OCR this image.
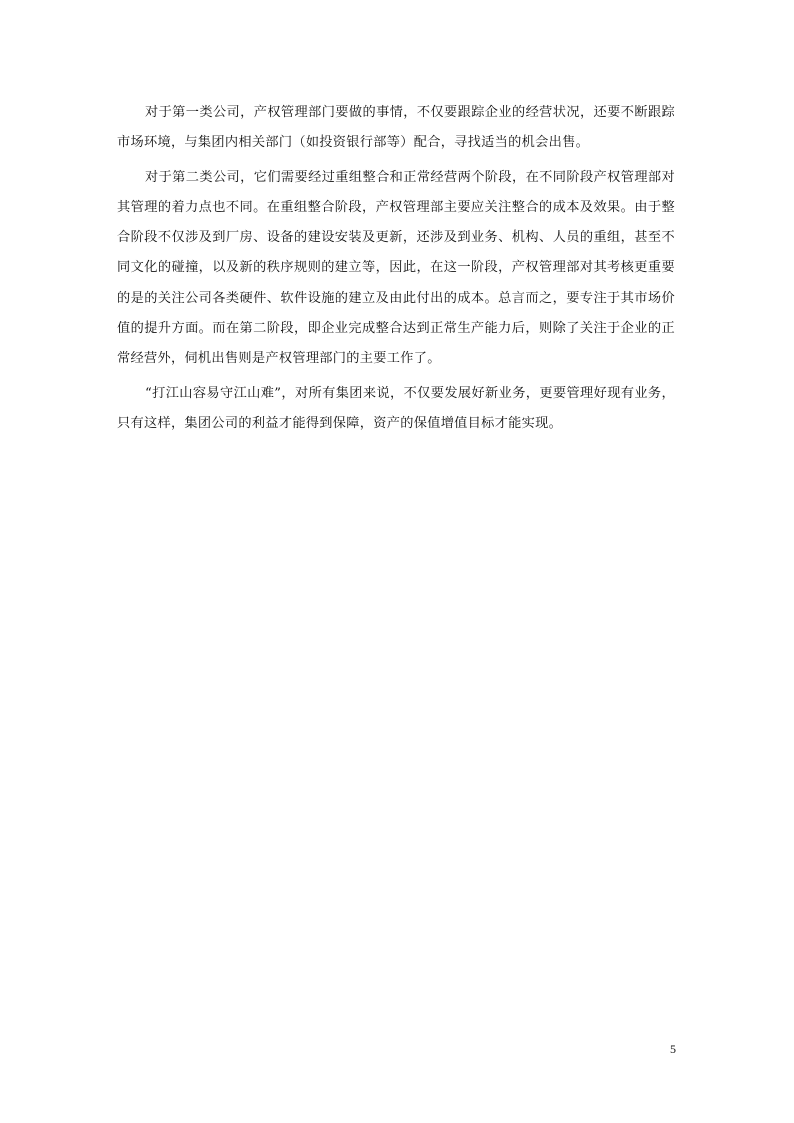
对于第一类公司，产权管理部门要做的事情，不仅要跟踪企业的经营状况，还要不断跟踪市场环境，与集团内相关部门（如投资银行部等）配合，寻找适当的机会出售。

对于第二类公司，它们需要经过重组整合和正常经营两个阶段，在不同阶段产权管理部对其管理的着力点也不同。在重组整合阶段，产权管理部主要应关注整合的成本及效果。由于整合阶段不仅涉及到厂房、设备的建设安装及更新，还涉及到业务、机构、人员的重组，甚至不同文化的碰撞，以及新的秩序规则的建立等，因此，在这一阶段，产权管理部对其考核更重要的是的关注公司各类硬件、软件设施的建立及由此付出的成本。总言而之，要专注于其市场价值的提升方面。而在第二阶段，即企业完成整合达到正常生产能力后，则除了关注于企业的正常经营外，伺机出售则是产权管理部门的主要工作了。

“打江山容易守江山难”，对所有集团来说，不仅要发展好新业务，更要管理好现有业务，只有这样，集团公司的利益才能得到保障，资产的保值增值目标才能实现。

5
